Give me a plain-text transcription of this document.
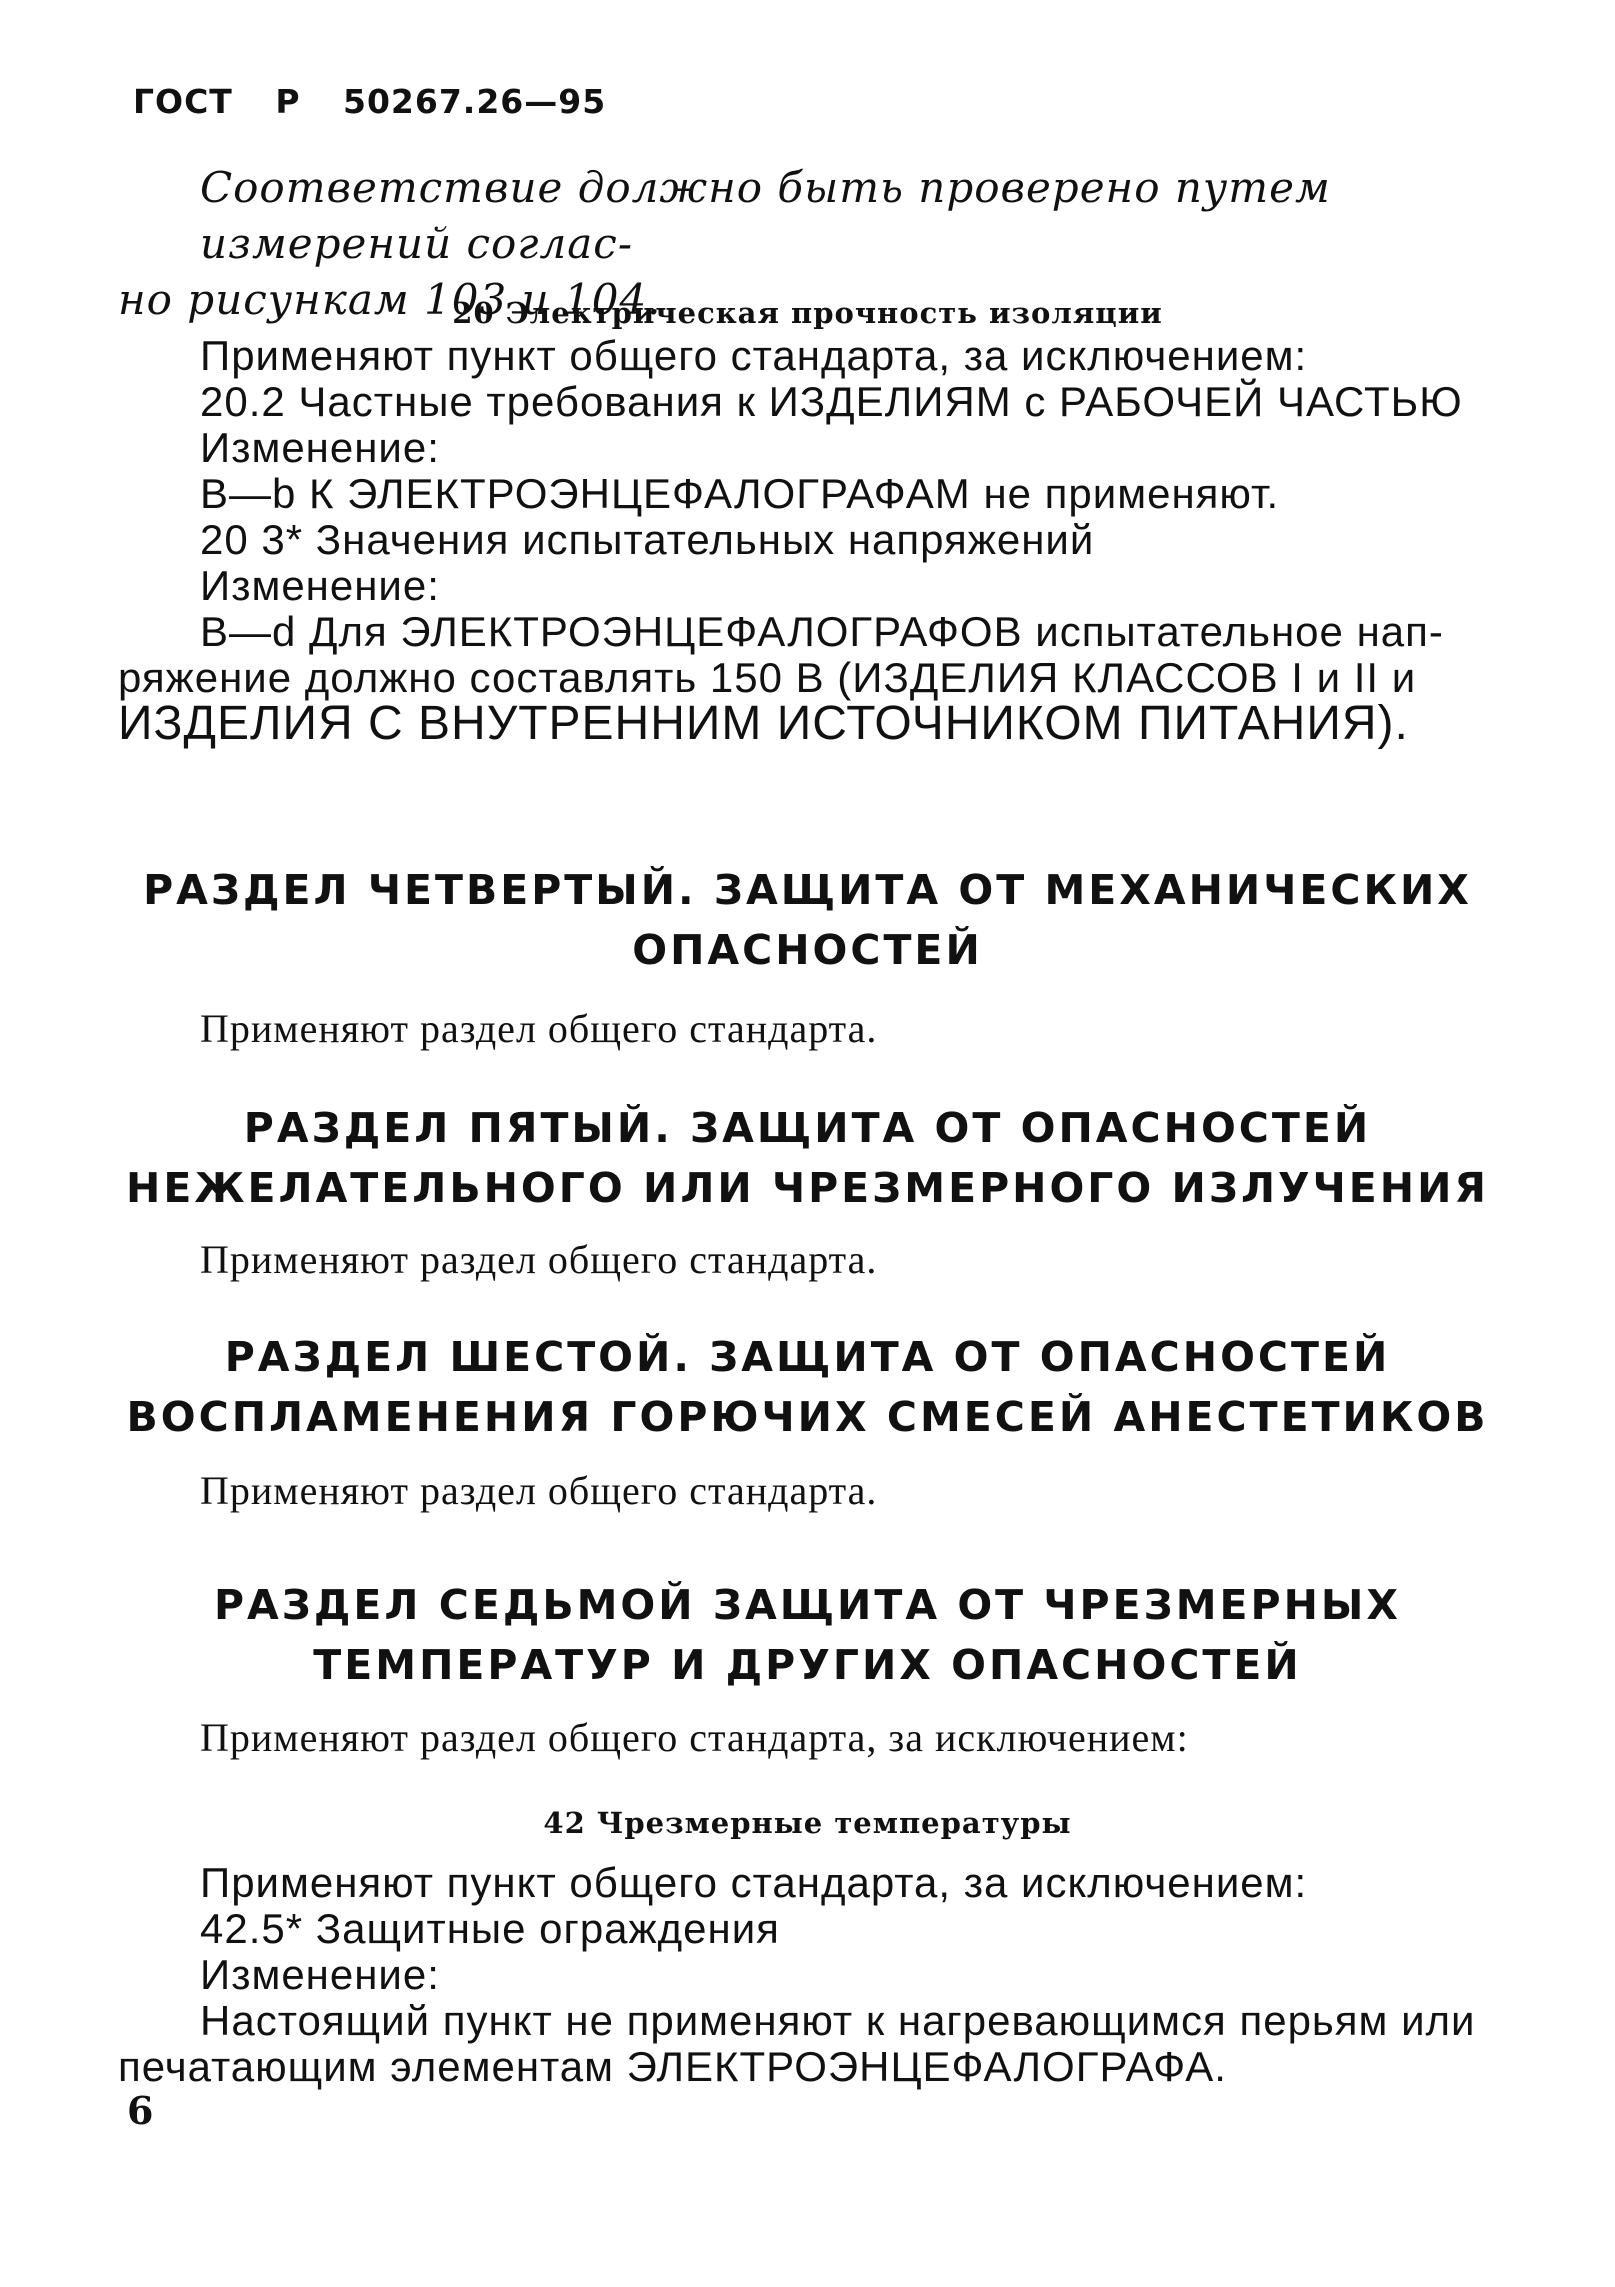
ГОСТ Р 50267.26—95
Соответствие должно быть проверено путем измерений соглас-
но рисункам 103 и 104.
20 Электрическая прочность изоляции
Применяют пункт общего стандарта, за исключением:
20.2 Частные требования к ИЗДЕЛИЯМ с РАБОЧЕЙ ЧАСТЬЮ
Изменение:
B—b К ЭЛЕКТРОЭНЦЕФАЛОГРАФАМ не применяют.
20 3* Значения испытательных напряжений
Изменение:
B—d Для ЭЛЕКТРОЭНЦЕФАЛОГРАФОВ испытательное нап-
ряжение должно составлять 150 В (ИЗДЕЛИЯ КЛАССОВ I и II и
ИЗДЕЛИЯ С ВНУТРЕННИМ ИСТОЧНИКОМ ПИТАНИЯ).
РАЗДЕЛ ЧЕТВЕРТЫЙ. ЗАЩИТА ОТ МЕХАНИЧЕСКИХ
ОПАСНОСТЕЙ
Применяют раздел общего стандарта.
РАЗДЕЛ ПЯТЫЙ. ЗАЩИТА ОТ ОПАСНОСТЕЙ
НЕЖЕЛАТЕЛЬНОГО ИЛИ ЧРЕЗМЕРНОГО ИЗЛУЧЕНИЯ
Применяют раздел общего стандарта.
РАЗДЕЛ ШЕСТОЙ. ЗАЩИТА ОТ ОПАСНОСТЕЙ
ВОСПЛАМЕНЕНИЯ ГОРЮЧИХ СМЕСЕЙ АНЕСТЕТИКОВ
Применяют раздел общего стандарта.
РАЗДЕЛ СЕДЬМОЙ ЗАЩИТА ОТ ЧРЕЗМЕРНЫХ
ТЕМПЕРАТУР И ДРУГИХ ОПАСНОСТЕЙ
Применяют раздел общего стандарта, за исключением:
42 Чрезмерные температуры
Применяют пункт общего стандарта, за исключением:
42.5* Защитные ограждения
Изменение:
Настоящий пункт не применяют к нагревающимся перьям или
печатающим элементам ЭЛЕКТРОЭНЦЕФАЛОГРАФА.
6
